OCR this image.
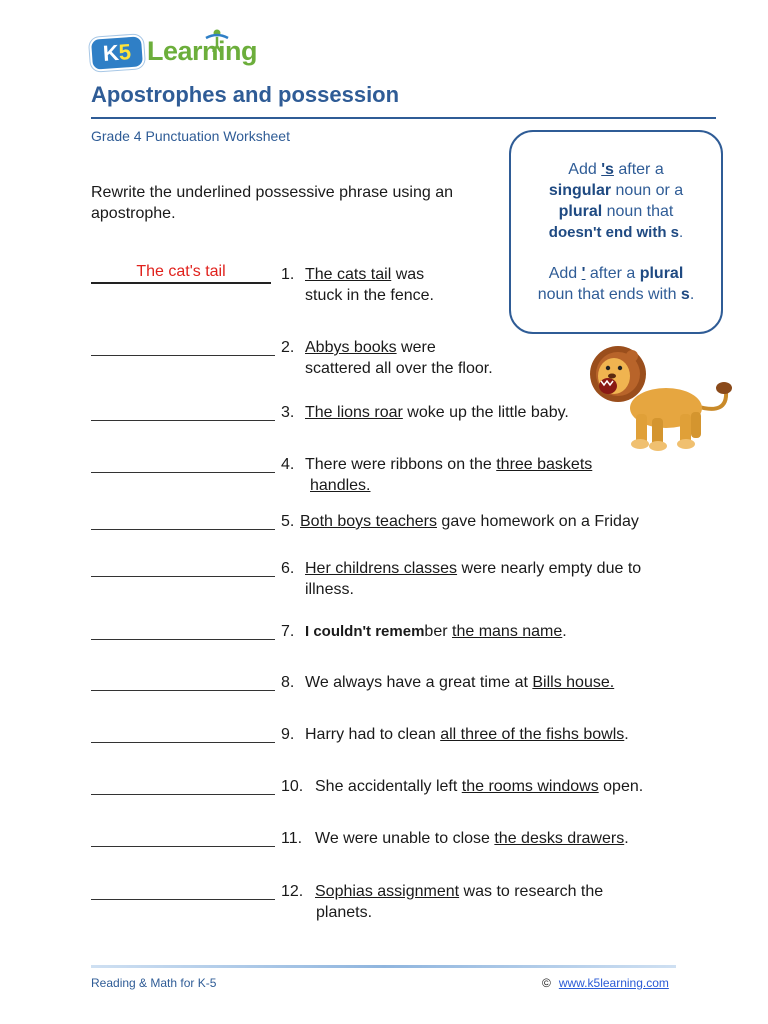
K5 Learning
Apostrophes and possession
Grade 4 Punctuation Worksheet
Rewrite the underlined possessive phrase using an apostrophe.
Add 's after a
singular noun or a
plural noun that
doesn't end with s.
Add ' after a plural
noun that ends with s.
The cat's tail	1. The cats tail was
stuck in the fence.
2. Abbys books were
scattered all over the floor.
3. The lions roar woke up the little baby.
4. There were ribbons on the three baskets
handles.
5. Both boys teachers gave homework on a Friday
6. Her childrens classes were nearly empty due to
illness.
7. I couldn't remember the mans name.
8. We always have a great time at Bills house.
9. Harry had to clean all three of the fishs bowls.
10. She accidentally left the rooms windows open.
11. We were unable to close the desks drawers.
12. Sophias assignment was to research the
planets.
Reading & Math for K-5	© www.k5learning.com
